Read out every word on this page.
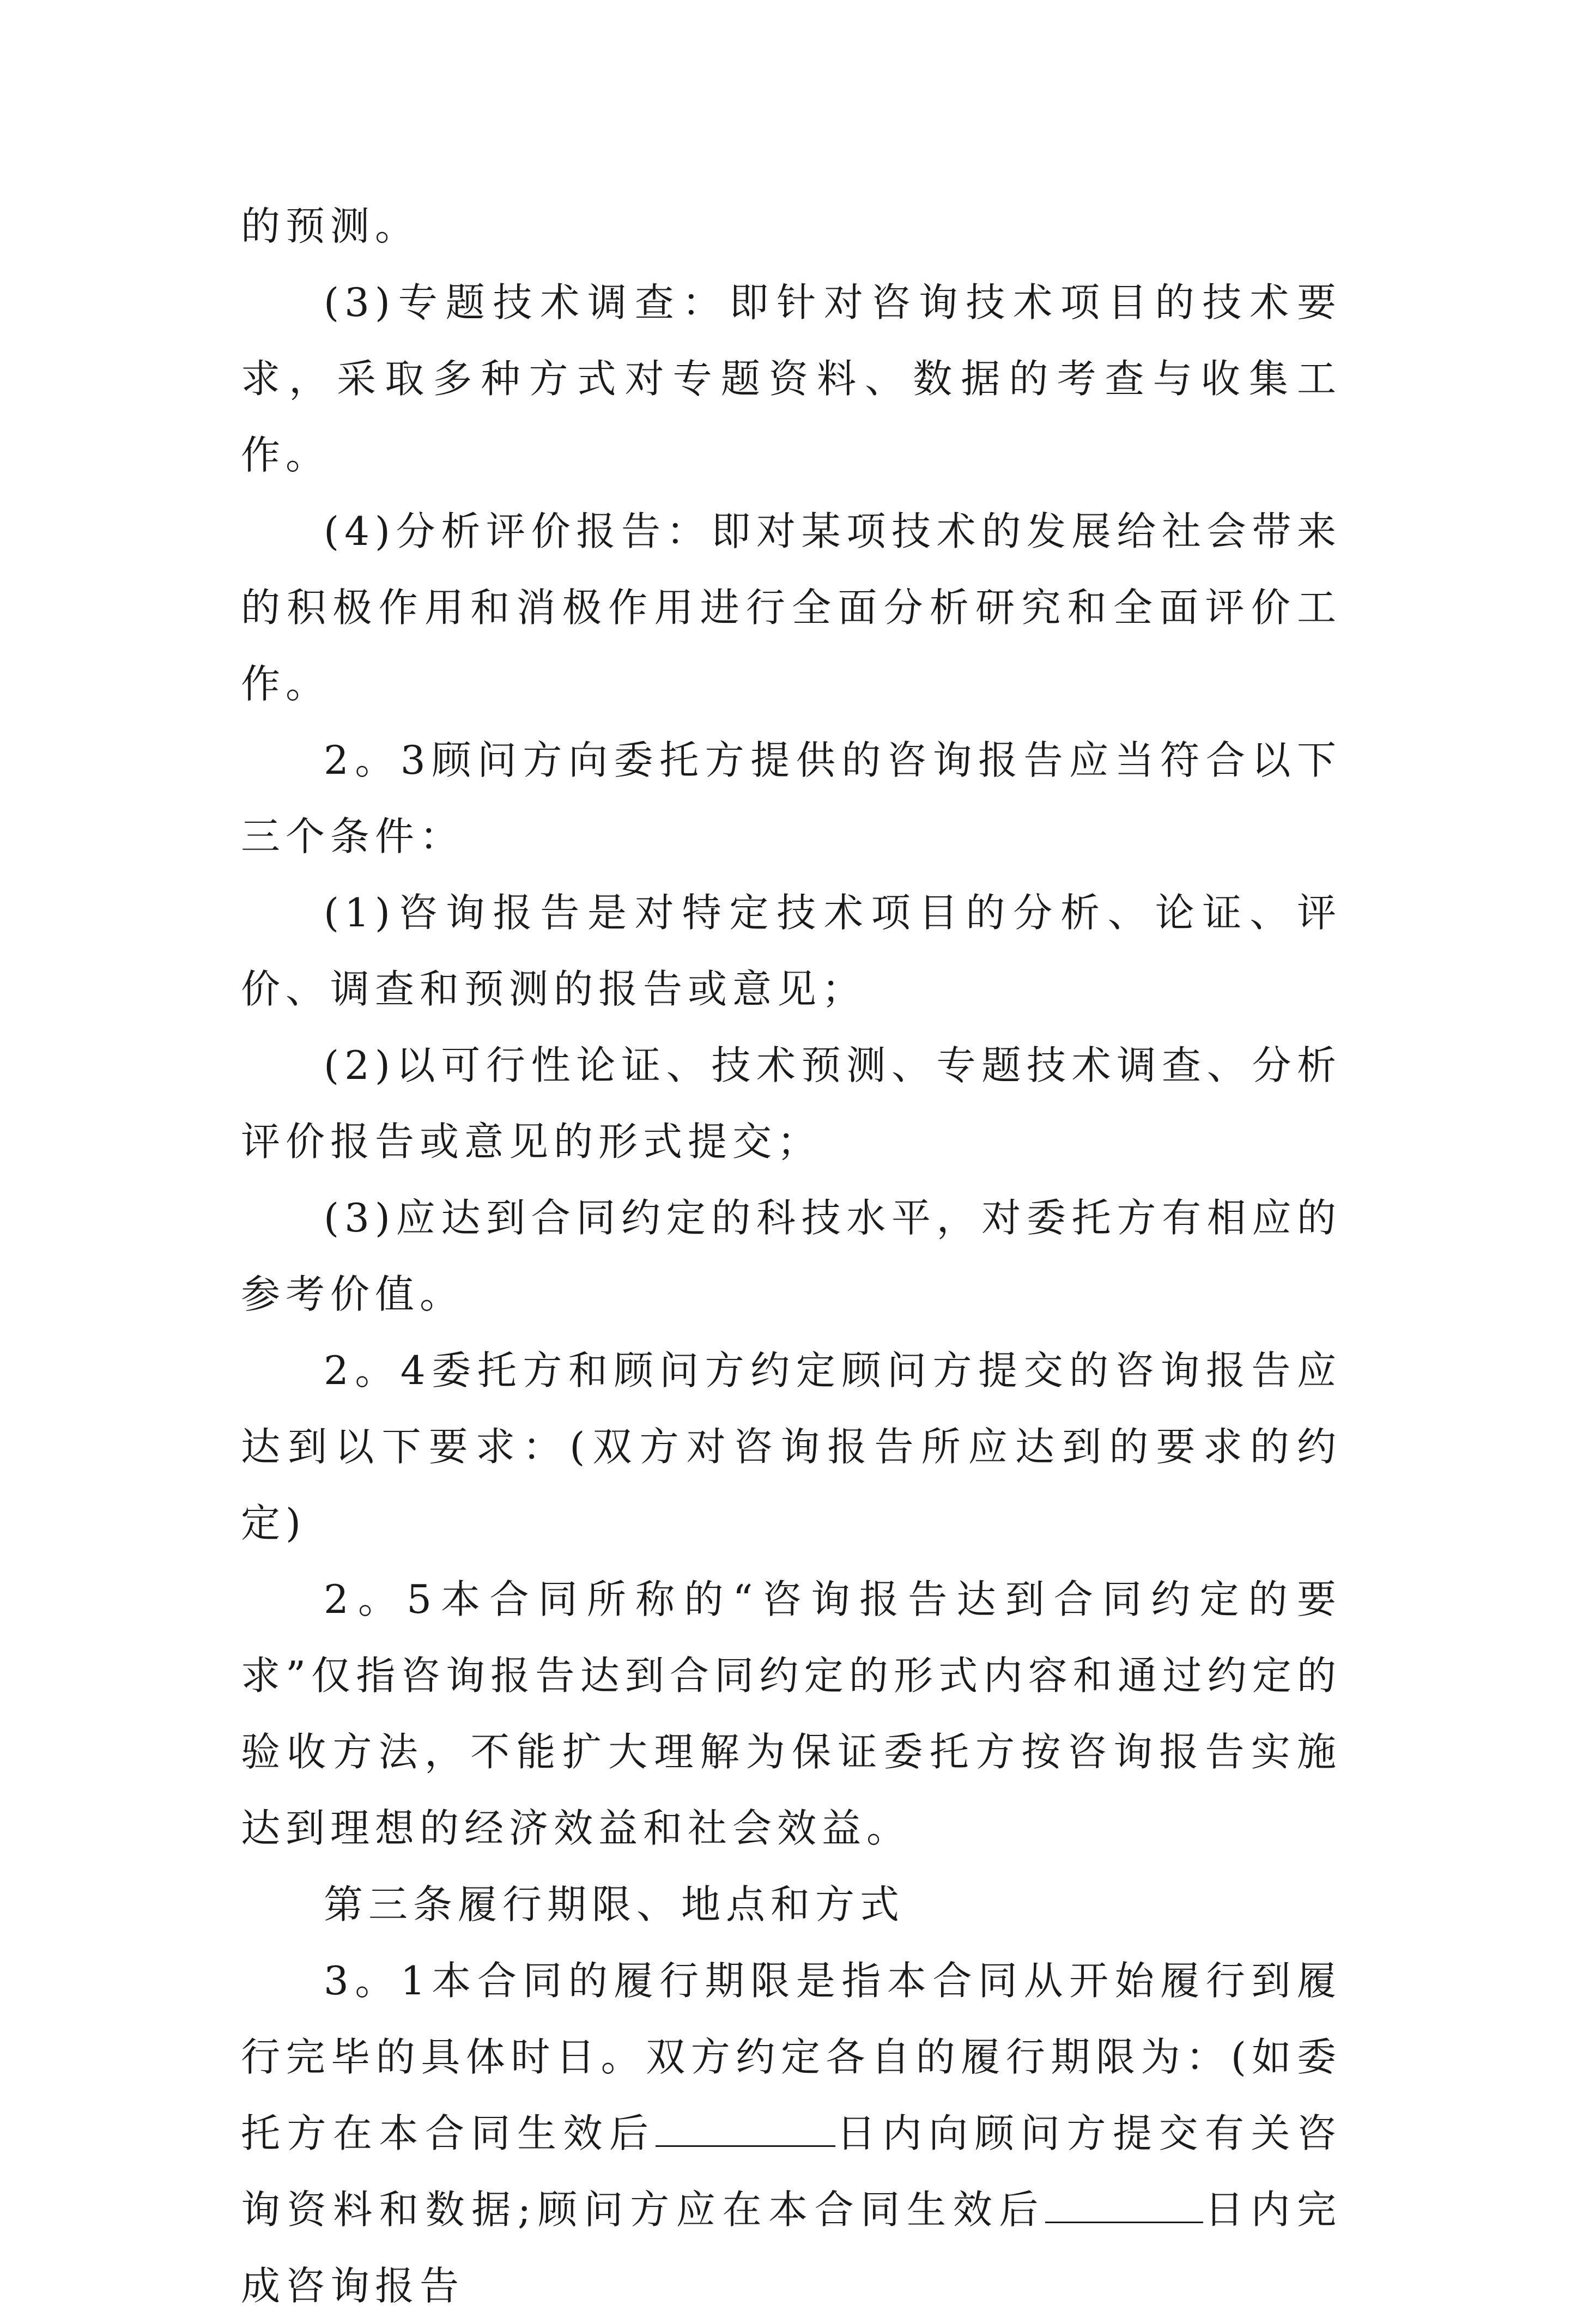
的预测。

(3)专题技术调查：即针对咨询技术项目的技术要求，采取多种方式对专题资料、数据的考查与收集工作。

(4)分析评价报告：即对某项技术的发展给社会带来的积极作用和消极作用进行全面分析研究和全面评价工作。

2。3顾问方向委托方提供的咨询报告应当符合以下三个条件：

(1)咨询报告是对特定技术项目的分析、论证、评价、调查和预测的报告或意见；

(2)以可行性论证、技术预测、专题技术调查、分析评价报告或意见的形式提交；

(3)应达到合同约定的科技水平，对委托方有相应的参考价值。

2。4委托方和顾问方约定顾问方提交的咨询报告应达到以下要求：(双方对咨询报告所应达到的要求的约定)

2。5本合同所称的“咨询报告达到合同约定的要求”仅指咨询报告达到合同约定的形式内容和通过约定的验收方法，不能扩大理解为保证委托方按咨询报告实施达到理想的经济效益和社会效益。

第三条履行期限、地点和方式

3。1本合同的履行期限是指本合同从开始履行到履行完毕的具体时日。双方约定各自的履行期限为：(如委托方在本合同生效后	日内向顾问方提交有关咨询资料和数据;顾问方应在本合同生效后	日内完成咨询报告
